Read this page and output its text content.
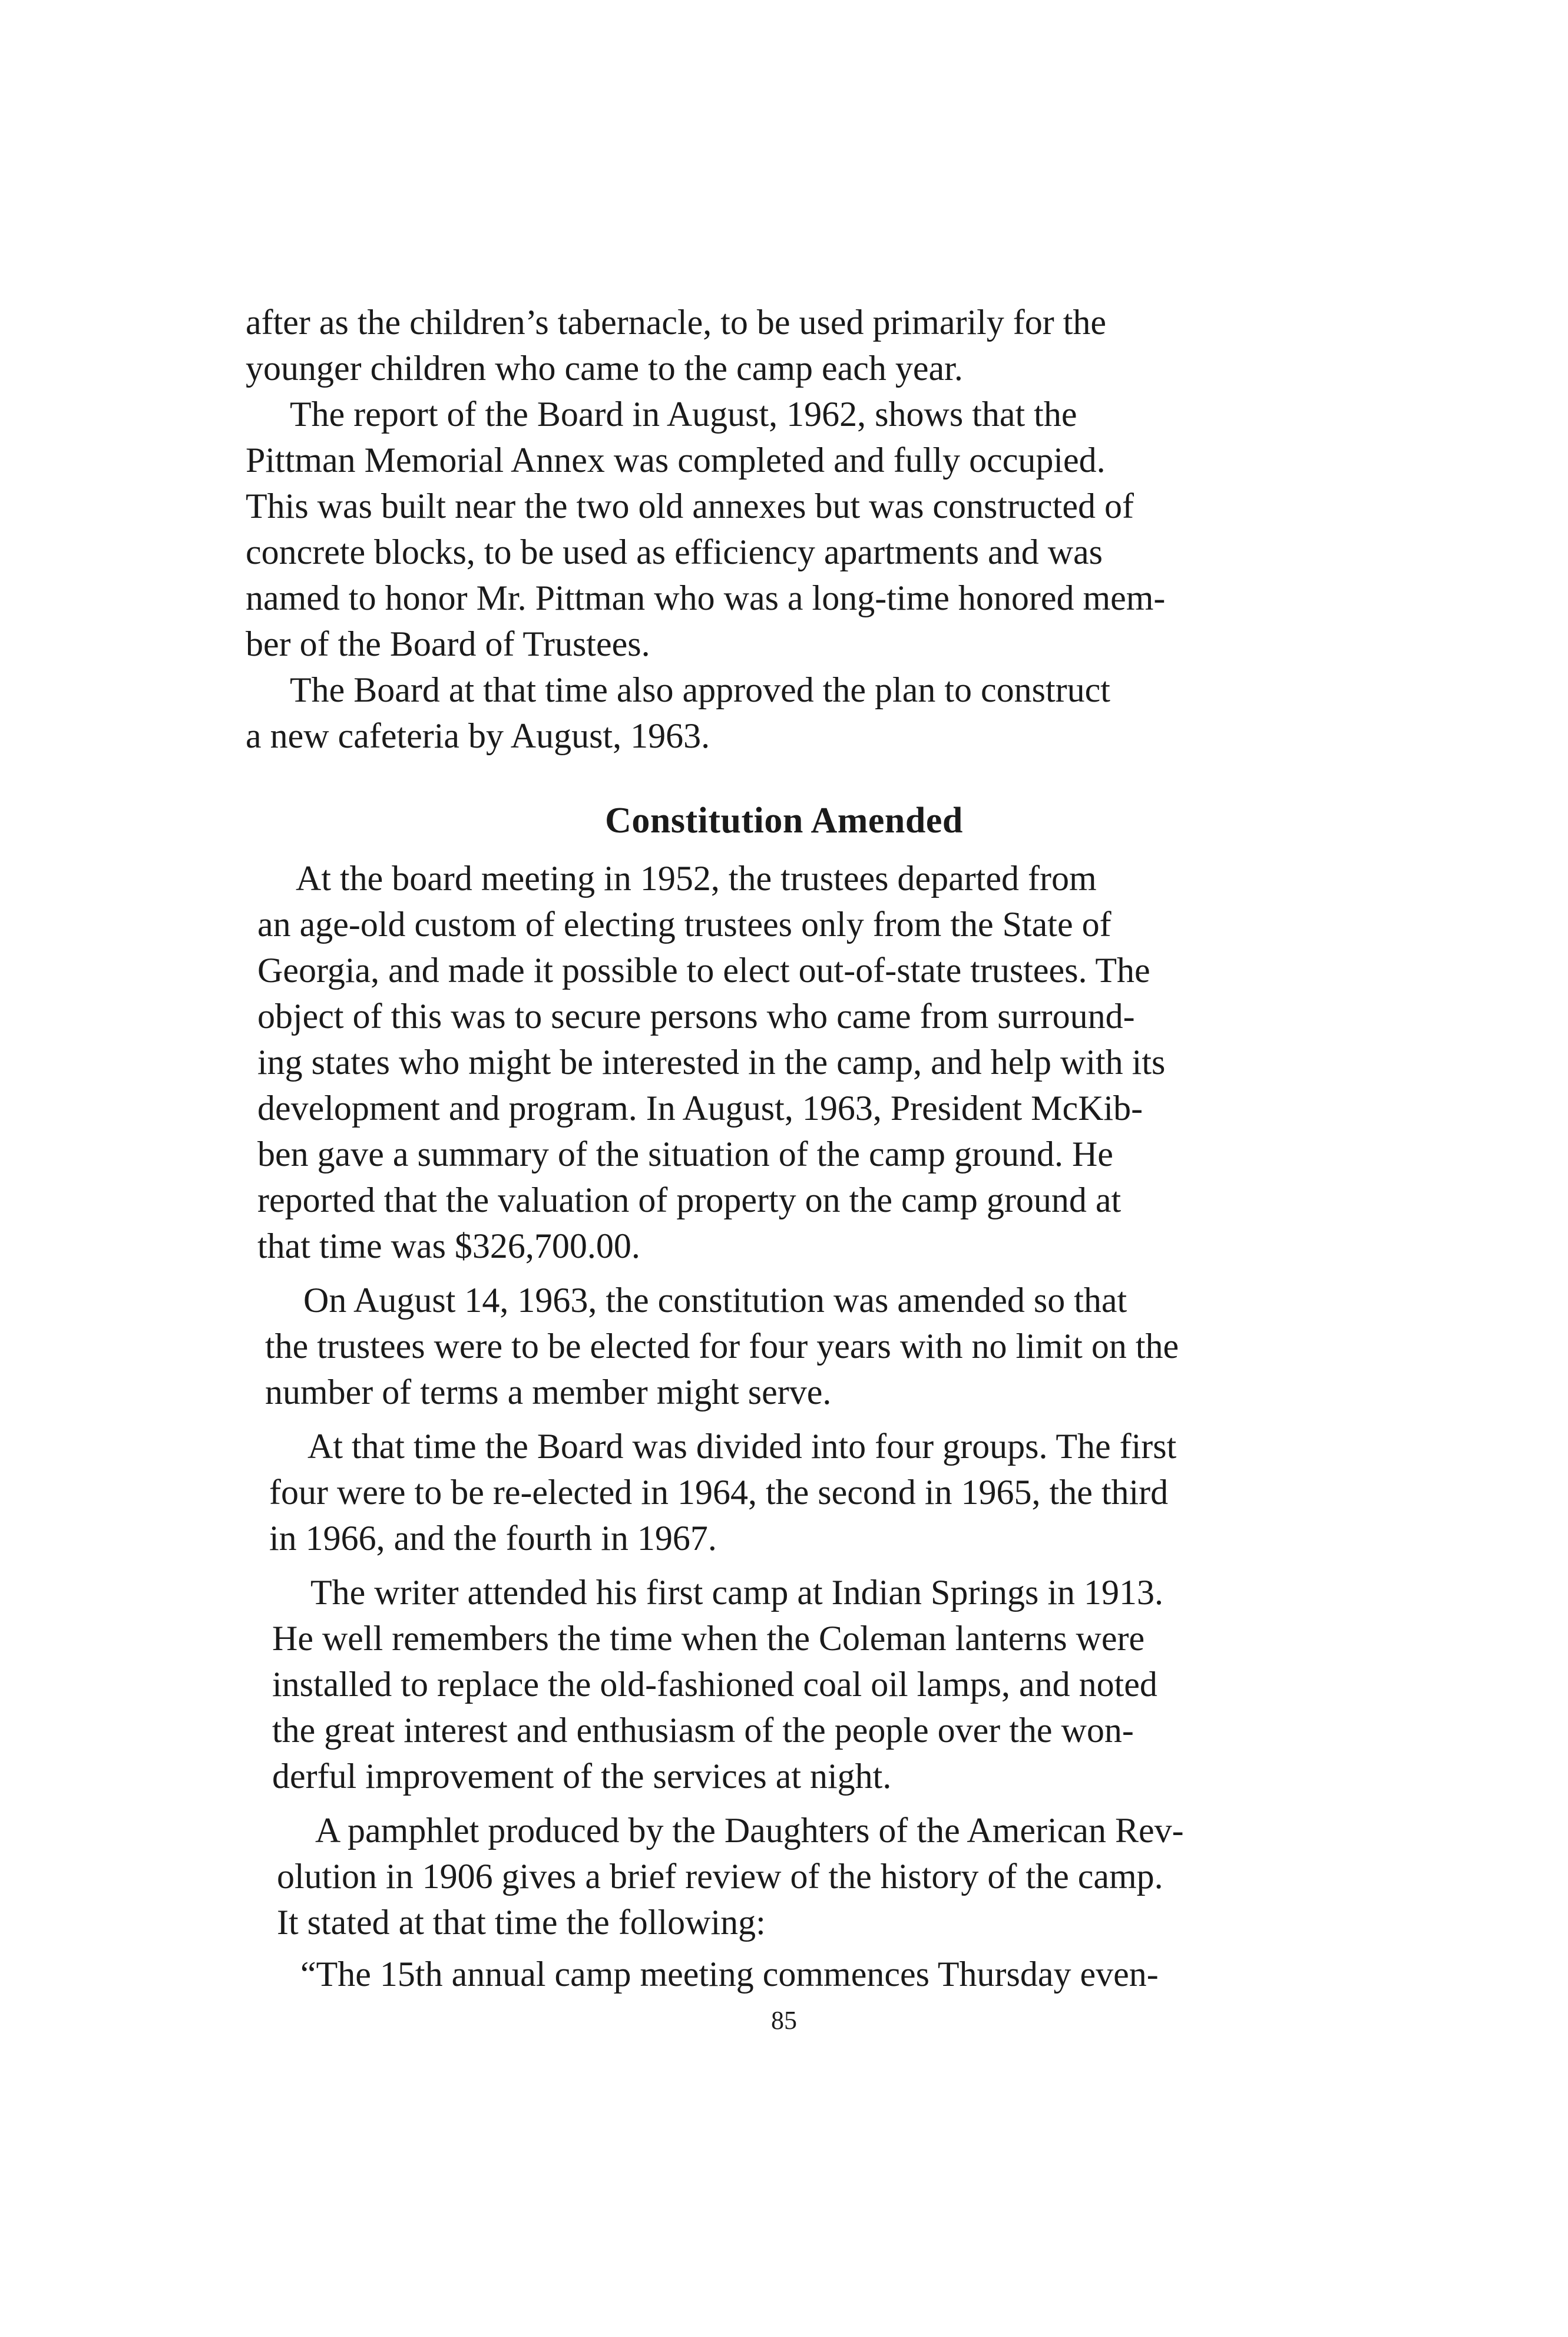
after as the children’s tabernacle, to be used primarily for the
younger children who came to the camp each year.
The report of the Board in August, 1962, shows that the
Pittman Memorial Annex was completed and fully occupied.
This was built near the two old annexes but was constructed of
concrete blocks, to be used as efficiency apartments and was
named to honor Mr. Pittman who was a long-time honored mem-
ber of the Board of Trustees.
The Board at that time also approved the plan to construct
a new cafeteria by August, 1963.
Constitution Amended
At the board meeting in 1952, the trustees departed from
an age-old custom of electing trustees only from the State of
Georgia, and made it possible to elect out-of-state trustees. The
object of this was to secure persons who came from surround-
ing states who might be interested in the camp, and help with its
development and program. In August, 1963, President McKib-
ben gave a summary of the situation of the camp ground. He
reported that the valuation of property on the camp ground at
that time was $326,700.00.
On August 14, 1963, the constitution was amended so that
the trustees were to be elected for four years with no limit on the
number of terms a member might serve.
At that time the Board was divided into four groups. The first
four were to be re-elected in 1964, the second in 1965, the third
in 1966, and the fourth in 1967.
The writer attended his first camp at Indian Springs in 1913.
He well remembers the time when the Coleman lanterns were
installed to replace the old-fashioned coal oil lamps, and noted
the great interest and enthusiasm of the people over the won-
derful improvement of the services at night.
A pamphlet produced by the Daughters of the American Rev-
olution in 1906 gives a brief review of the history of the camp.
It stated at that time the following:
“The 15th annual camp meeting commences Thursday even-
85
